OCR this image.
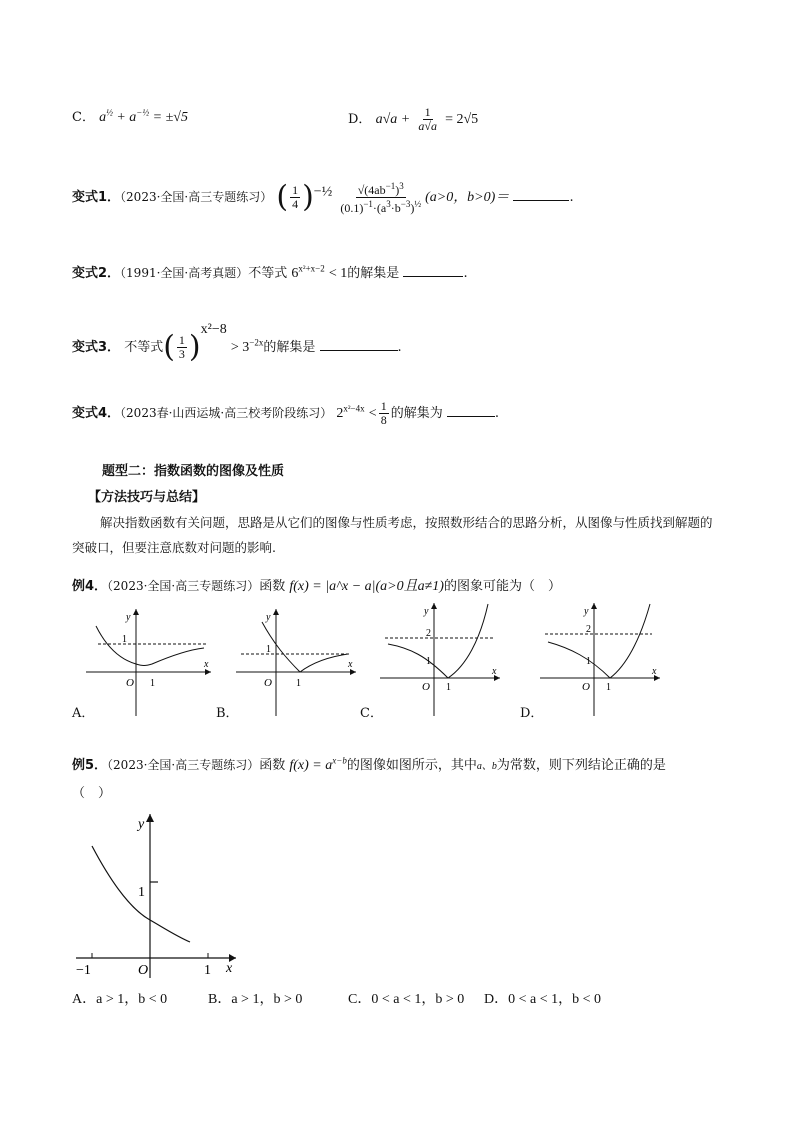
C． $a^{\frac{1}{2}} + a^{-\frac{1}{2}} = \pm√5$	D． $a√a + \frac{1}{a√a} = 2√5$
变式1．（2023·全国·高三专题练习） ( $\frac{1}{4} )^{-\frac{1}{2}} \frac{√(4ab^{-1})^3}{(0.1)^{-1}\cdot(a^3\cdot b^{-3})^{\frac{1}{2}}} (a>0$，b>0)＝	.
变式2．（1991·全国·高考真题）不等式 $6^{x^2+x-2} < 1$的解集是	.
变式3． 不等式( $\frac{1}{3} )^{x^2-8} > 3^{-2x}$的解集是	.
变式4．（2023春·山西运城·高三校考阶段练习） $2^{x^2-4x} < \frac{1}{8}$ 的解集为	.
题型二：指数函数的图像及性质
【方法技巧与总结】
解决指数函数有关问题，思路是从它们的图像与性质考虑，按照数形结合的思路分析，从图像与性质找到解题的突破口，但要注意底数对问题的影响.
例4．（2023·全国·高三专题练习）函数 f(x) = |a^x − a|(a>0且a≠1)的图象可能为（　）
1
y
x
O 1
A．
1
y
x
O 1
B．
2
1
y
x
O 1
C．
2
1
y
x
O 1
D．
例5．（2023·全国·高三专题练习）函数 $f(x) = a^{x-b}$的图像如图所示，其中a、b为常数，则下列结论正确的是
（　）
y
x
O
1
−1	1
A．a > 1，b < 0	B．a > 1，b > 0	C．0 < a < 1，b > 0 D．0 < a < 1，b < 0
